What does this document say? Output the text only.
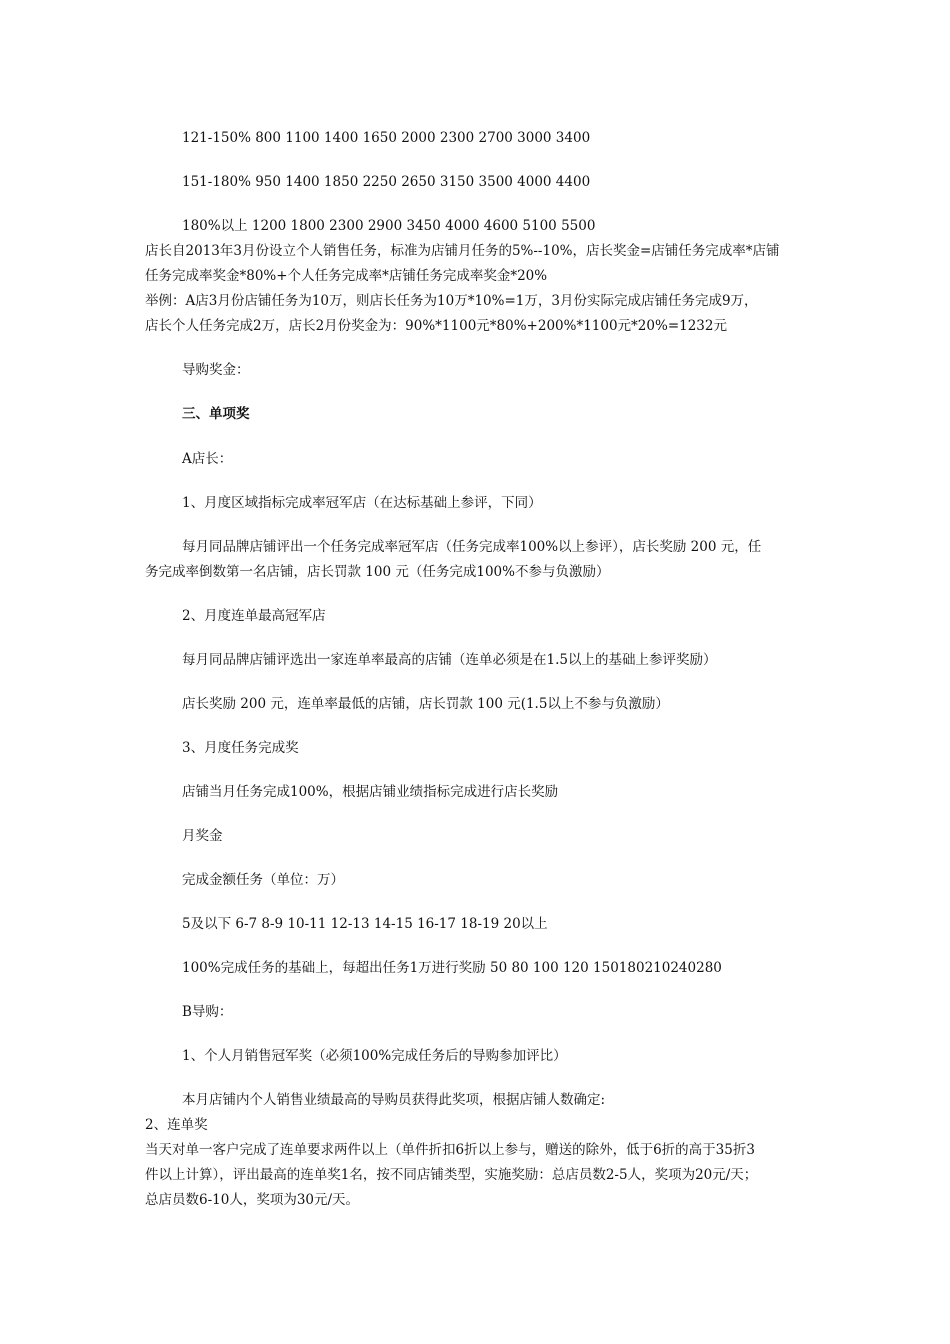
121-150% 800 1100 1400 1650 2000 2300 2700 3000 3400
151-180% 950 1400 1850 2250 2650 3150 3500 4000 4400
180%以上 1200 1800 2300 2900 3450 4000 4600 5100 5500
店长自2013年3月份设立个人销售任务，标准为店铺月任务的5%--10%，店长奖金=店铺任务完成率*店铺
任务完成率奖金*80%+个人任务完成率*店铺任务完成率奖金*20%
举例：A店3月份店铺任务为10万，则店长任务为10万*10%=1万，3月份实际完成店铺任务完成9万，
店长个人任务完成2万，店长2月份奖金为：90%*1100元*80%+200%*1100元*20%=1232元
导购奖金：
三、单项奖
A店长：
1、月度区域指标完成率冠军店（在达标基础上参评，下同）
每月同品牌店铺评出一个任务完成率冠军店（任务完成率100%以上参评），店长奖励 200 元，任
务完成率倒数第一名店铺，店长罚款 100 元（任务完成100%不参与负激励）
2、月度连单最高冠军店
每月同品牌店铺评选出一家连单率最高的店铺（连单必须是在1.5以上的基础上参评奖励）
店长奖励 200 元，连单率最低的店铺，店长罚款 100 元(1.5以上不参与负激励）
3、月度任务完成奖
店铺当月任务完成100%，根据店铺业绩指标完成进行店长奖励
月奖金
完成金额任务（单位：万）
5及以下 6-7 8-9 10-11 12-13 14-15 16-17 18-19 20以上
100%完成任务的基础上，每超出任务1万进行奖励 50 80 100 120 150180210240280
B导购：
1、个人月销售冠军奖（必须100%完成任务后的导购参加评比）
本月店铺内个人销售业绩最高的导购员获得此奖项，根据店铺人数确定:
2、连单奖
当天对单一客户完成了连单要求两件以上（单件折扣6折以上参与，赠送的除外，低于6折的高于35折3
件以上计算），评出最高的连单奖1名，按不同店铺类型，实施奖励：总店员数2-5人，奖项为20元/天；
总店员数6-10人，奖项为30元/天。
